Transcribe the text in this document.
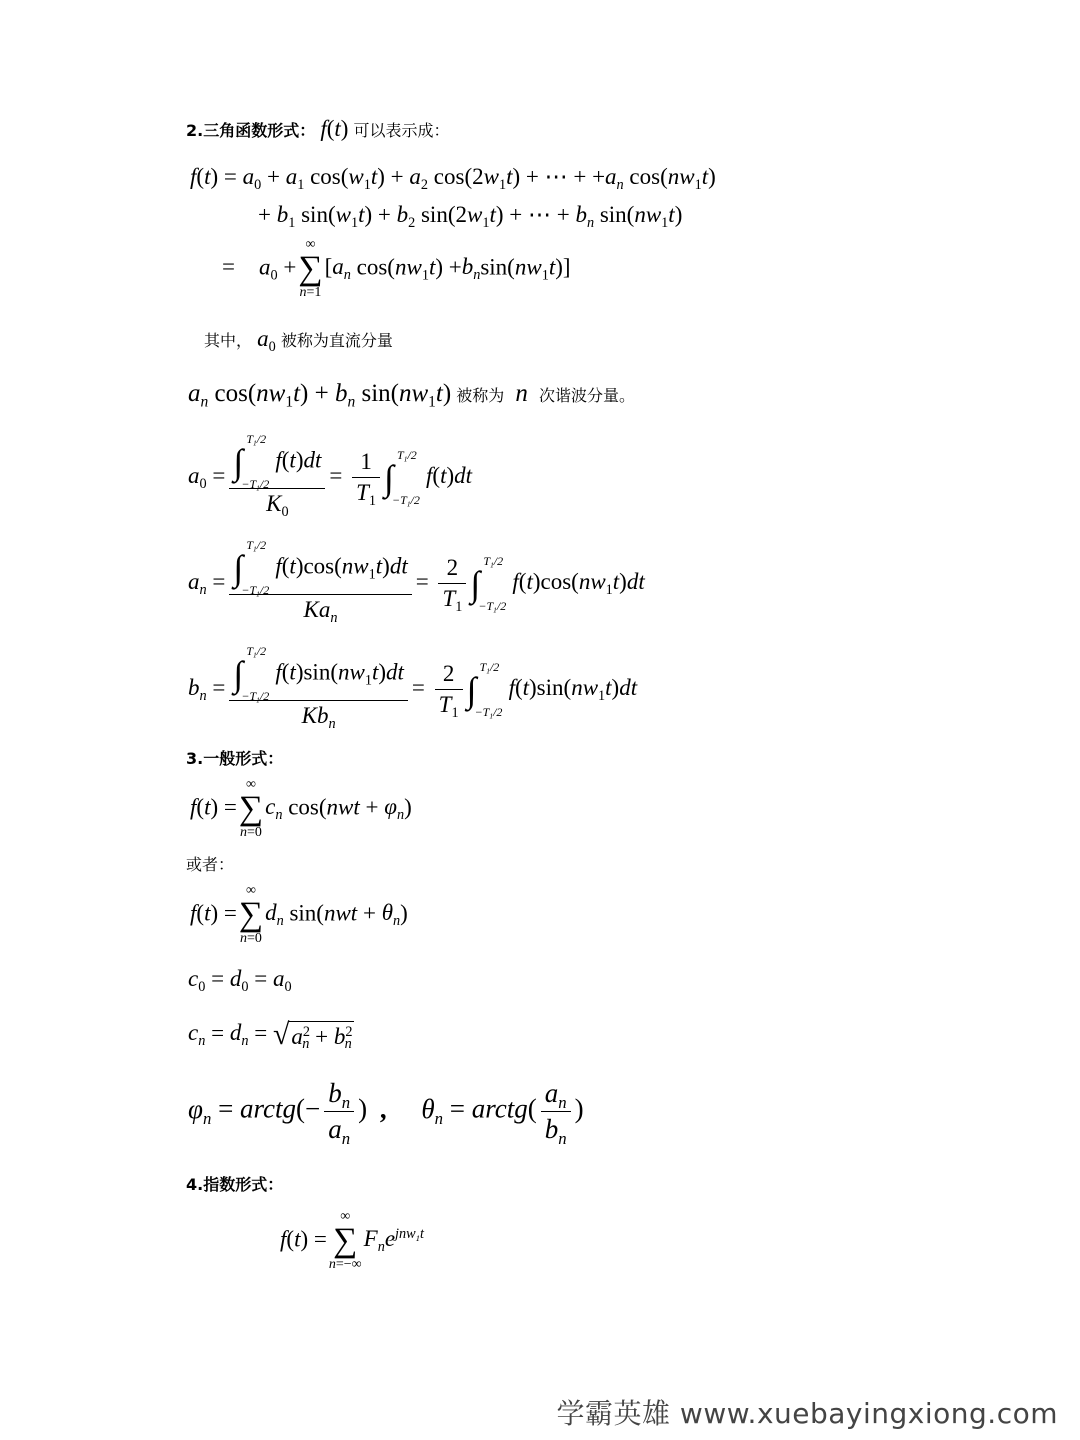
2.三角函数形式： f(t) 可以表示成：
$f(t) = a_0 + a_1$ $\cos(w_1t) + a_2$ $\cos(2w_1t)$ + ⋯ + $+a_n$ $\cos(nw_1t)$
+ $b_1$ $\sin(w_1t) + b_2$ $\sin(2w_1t)$ + ⋯ + $b_n$ $\sin(nw_1t)$
= $a_0$ +
∞
∑
n=1
[$a_n$ $\cos(nw_1t) +b_n\sin(nw_1t)$]
其中， $a_0$ 被称为直流分量
$a_n$ $\cos(nw_1t) + b_n$ $\sin(nw_1t)$ 被称为 n 次谐波分量。
$a_0$ = ∫
$T_1/2$
$-T_1/2$
f(t)dt
$K_0 = \frac{1}{T_1}$ ∫
$T_1/2$
$-T_1/2$
f(t)dt
$a_n$ = ∫
$T_1/2$
$-T_1/2$
$f(t)\cos(nw_1t)dt$
$Ka_n = \frac{2}{T_1}$ ∫
$T_1/2$
$-T_1/2$
$f(t)\cos(nw_1t)dt$
$b_n$ = ∫
$T_1/2$
$-T_1/2$
$f(t)\sin(nw_1t)dt$
$Kb_n = \frac{2}{T_1}$ ∫
$T_1/2$
$-T_1/2$
$f(t)\sin(nw_1t)dt$
3.一般形式：
f(t) =
∞
∑
n=0
$c_n$ $\cos(nwt + \varphi_n)$
或者：
f(t) =
∞
∑
n=0
$d_n$ $\sin(nwt + \theta_n)$
$c_0 = d_0 = a_0$
$c_n = d_n = √a^2_n + b^2_n$
$\varphi_n$ = arctg(− $\frac{b_n}{a_n}$ ) , $\theta_n$ = arctg( $\frac{a_n}{b_n}$ )
4.指数形式：
f(t) =
∞
∑
n=−∞
$F_ne^{jnw_1t}$
学霸英雄 www.xuebayingxiong.com
